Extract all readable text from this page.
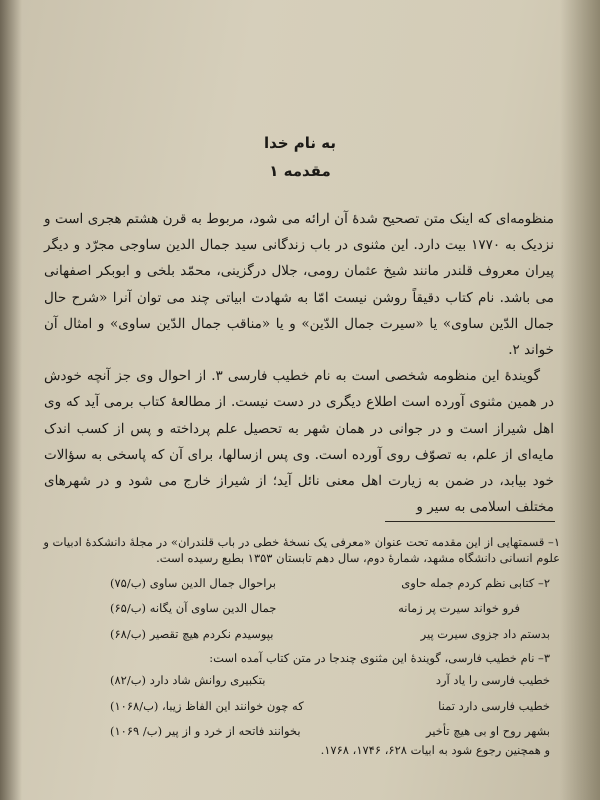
به نام خدا
مقدمه ۱

منظومه‌ای که اینک متن تصحیح شدهٔ آن ارائه می شود، مربوط به قرن هشتم هجری است و نزدیک به ۱۷۷۰ بیت دارد. این مثنوی در باب زندگانی سید جمال الدین ساوجی مجرّد و دیگر پیران معروف قلندر مانند شیخ عثمان رومی، جلال درگزینی، محمّد بلخی و ابوبکر اصفهانی می باشد. نام کتاب دقیقاً روشن نیست امّا به شهادت ابیاتی چند می توان آنرا «شرح حال جمال الدّین ساوی» یا «سیرت جمال الدّین» و یا «مناقب جمال الدّین ساوی» و امثال آن خواند ۲.

گویندهٔ این منظومه شخصی است به نام خطیب فارسی ۳. از احوال وی جز آنچه خودش در همین مثنوی آورده است اطلاع دیگری در دست نیست. از مطالعهٔ کتاب برمی آید که وی اهل شیراز است و در جوانی در همان شهر به تحصیل علم پرداخته و پس از کسب اندک مایه‌ای از علم، به تصوّف روی آورده است. وی پس ازسالها، برای آن که پاسخی به سؤالات خود بیابد، در ضمن به زیارت اهل معنی نائل آید؛ از شیراز خارج می شود و در شهرهای مختلف اسلامی به سیر و

۱– قسمتهایی از این مقدمه تحت عنوان «معرفی یک نسخهٔ خطی در باب قلندران» در مجلهٔ دانشکدهٔ ادبیات و علوم انسانی دانشگاه مشهد، شمارهٔ دوم، سال دهم تابستان ۱۳۵۳ بطبع رسیده است.
۲– کتابی نظم کردم جمله حاوی
براحوال جمال الدین ساوی (ب/۷۵)
فرو خواند سیرت پر زمانه
جمال الدین ساوی آن یگانه (ب/۶۵)
بدستم داد جزوی سیرت پیر
بپوسیدم نکردم هیچ تقصیر (ب/۶۸)
۳– نام خطیب فارسی، گویندهٔ این مثنوی چندجا در متن کتاب آمده است:
خطیب فارسی را یاد آرد
بتکبیری روانش شاد دارد (ب/۸۲)
خطیب فارسی دارد تمنا
که چون خوانند این الفاظ زیبا، (ب/۱۰۶۸)
بشهر روح او بی هیچ تأخیر
بخوانند فاتحه از خرد و از پیر (ب/ ۱۰۶۹)
و همچنین رجوع شود به ابیات ۶۲۸، ۱۷۴۶، ۱۷۶۸.
